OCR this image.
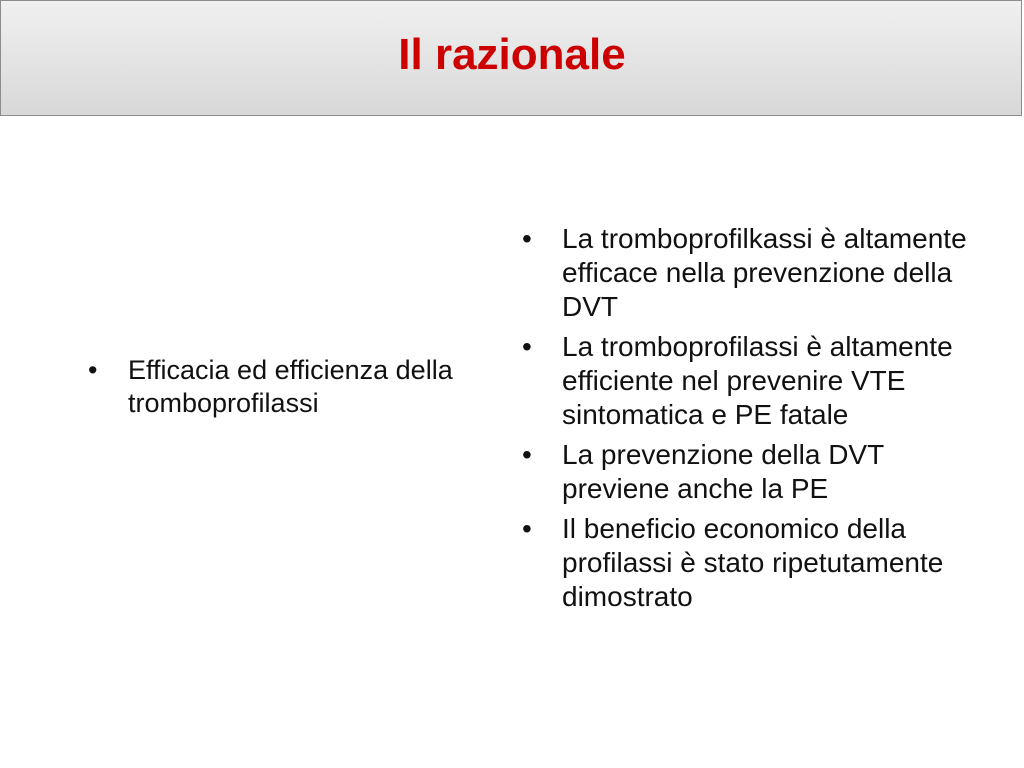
Il razionale
• Efficacia ed efficienza della tromboprofilassi
• La tromboprofilkassi è altamente efficace nella prevenzione della DVT
• La tromboprofilassi è altamente efficiente nel prevenire VTE sintomatica e PE fatale
• La prevenzione della DVT previene anche la PE
• Il beneficio economico della profilassi è stato ripetutamente dimostrato
